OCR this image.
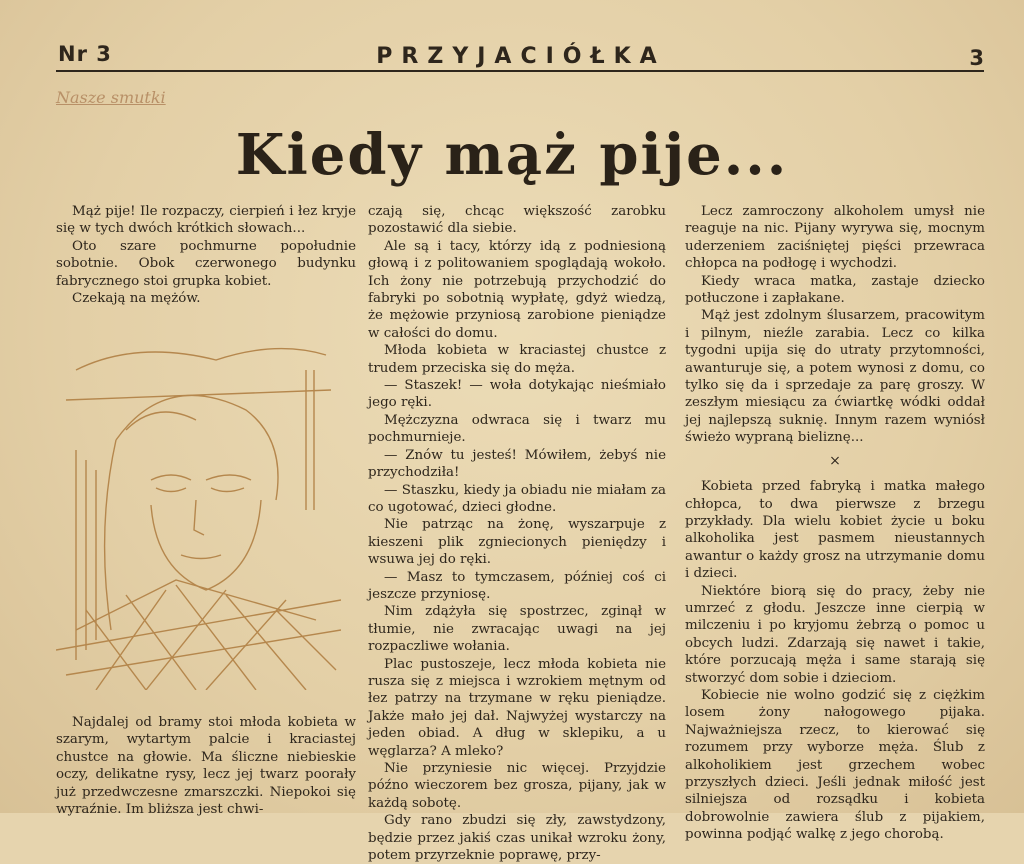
Nr 3	PRZYJACIÓŁKA	3
Nasze smutki
Kiedy mąż pije...

Mąż pije! Ile rozpaczy, cierpień i łez kryje się w tych dwóch krótkich słowach...

Oto szare pochmurne popołudnie sobotnie. Obok czerwonego budynku fabrycznego stoi grupka kobiet.

Czekają na mężów.

Najdalej od bramy stoi młoda kobieta w szarym, wytartym palcie i kraciastej chustce na głowie. Ma śliczne niebieskie oczy, delikatne rysy, lecz jej twarz poorały już przedwczesne zmarszczki. Niepokoi się wyraźnie. Im bliższa jest chwi-

czają się, chcąc większość zarobku pozostawić dla siebie.

Ale są i tacy, którzy idą z podniesioną głową i z politowaniem spoglądają wokoło. Ich żony nie potrzebują przychodzić do fabryki po sobotnią wypłatę, gdyż wiedzą, że mężowie przyniosą zarobione pieniądze w całości do domu.

Młoda kobieta w kraciastej chustce z trudem przeciska się do męża.

— Staszek! — woła dotykając nieśmiało jego ręki.

Mężczyzna odwraca się i twarz mu pochmurnieje.

— Znów tu jesteś! Mówiłem, żebyś nie przychodziła!

— Staszku, kiedy ja obiadu nie miałam za co ugotować, dzieci głodne.

Nie patrząc na żonę, wyszarpuje z kieszeni plik zgniecionych pieniędzy i wsuwa jej do ręki.

— Masz to tymczasem, później coś ci jeszcze przyniosę.

Nim zdążyła się spostrzec, zginął w tłumie, nie zwracając uwagi na jej rozpaczliwe wołania.

Plac pustoszeje, lecz młoda kobieta nie rusza się z miejsca i wzrokiem mętnym od łez patrzy na trzymane w ręku pieniądze. Jakże mało jej dał. Najwyżej wystarczy na jeden obiad. A dług w sklepiku, a u węglarza? A mleko?

Nie przyniesie nic więcej. Przyjdzie późno wieczorem bez grosza, pijany, jak w każdą sobotę.

Gdy rano zbudzi się zły, zawstydzony, będzie przez jakiś czas unikał wzroku żony, potem przyrzeknie poprawę, przy-

Lecz zamroczony alkoholem umysł nie reaguje na nic. Pijany wyrywa się, mocnym uderzeniem zaciśniętej pięści przewraca chłopca na podłogę i wychodzi.

Kiedy wraca matka, zastaje dziecko potłuczone i zapłakane.

Mąż jest zdolnym ślusarzem, pracowitym i pilnym, nieźle zarabia. Lecz co kilka tygodni upija się do utraty przytomności, awanturuje się, a potem wynosi z domu, co tylko się da i sprzedaje za parę groszy. W zeszłym miesiącu za ćwiartkę wódki oddał jej najlepszą suknię. Innym razem wyniósł świeżo wypraną bieliznę...

×

Kobieta przed fabryką i matka małego chłopca, to dwa pierwsze z brzegu przykłady. Dla wielu kobiet życie u boku alkoholika jest pasmem nieustannych awantur o każdy grosz na utrzymanie domu i dzieci.

Niektóre biorą się do pracy, żeby nie umrzeć z głodu. Jeszcze inne cierpią w milczeniu i po kryjomu żebrzą o pomoc u obcych ludzi. Zdarzają się nawet i takie, które porzucają męża i same starają się stworzyć dom sobie i dzieciom.

Kobiecie nie wolno godzić się z ciężkim losem żony nałogowego pijaka. Najważniejsza rzecz, to kierować się rozumem przy wyborze męża. Ślub z alkoholikiem jest grzechem wobec przyszłych dzieci. Jeśli jednak miłość jest silniejsza od rozsądku i kobieta dobrowolnie zawiera ślub z pijakiem, powinna podjąć walkę z jego chorobą.
